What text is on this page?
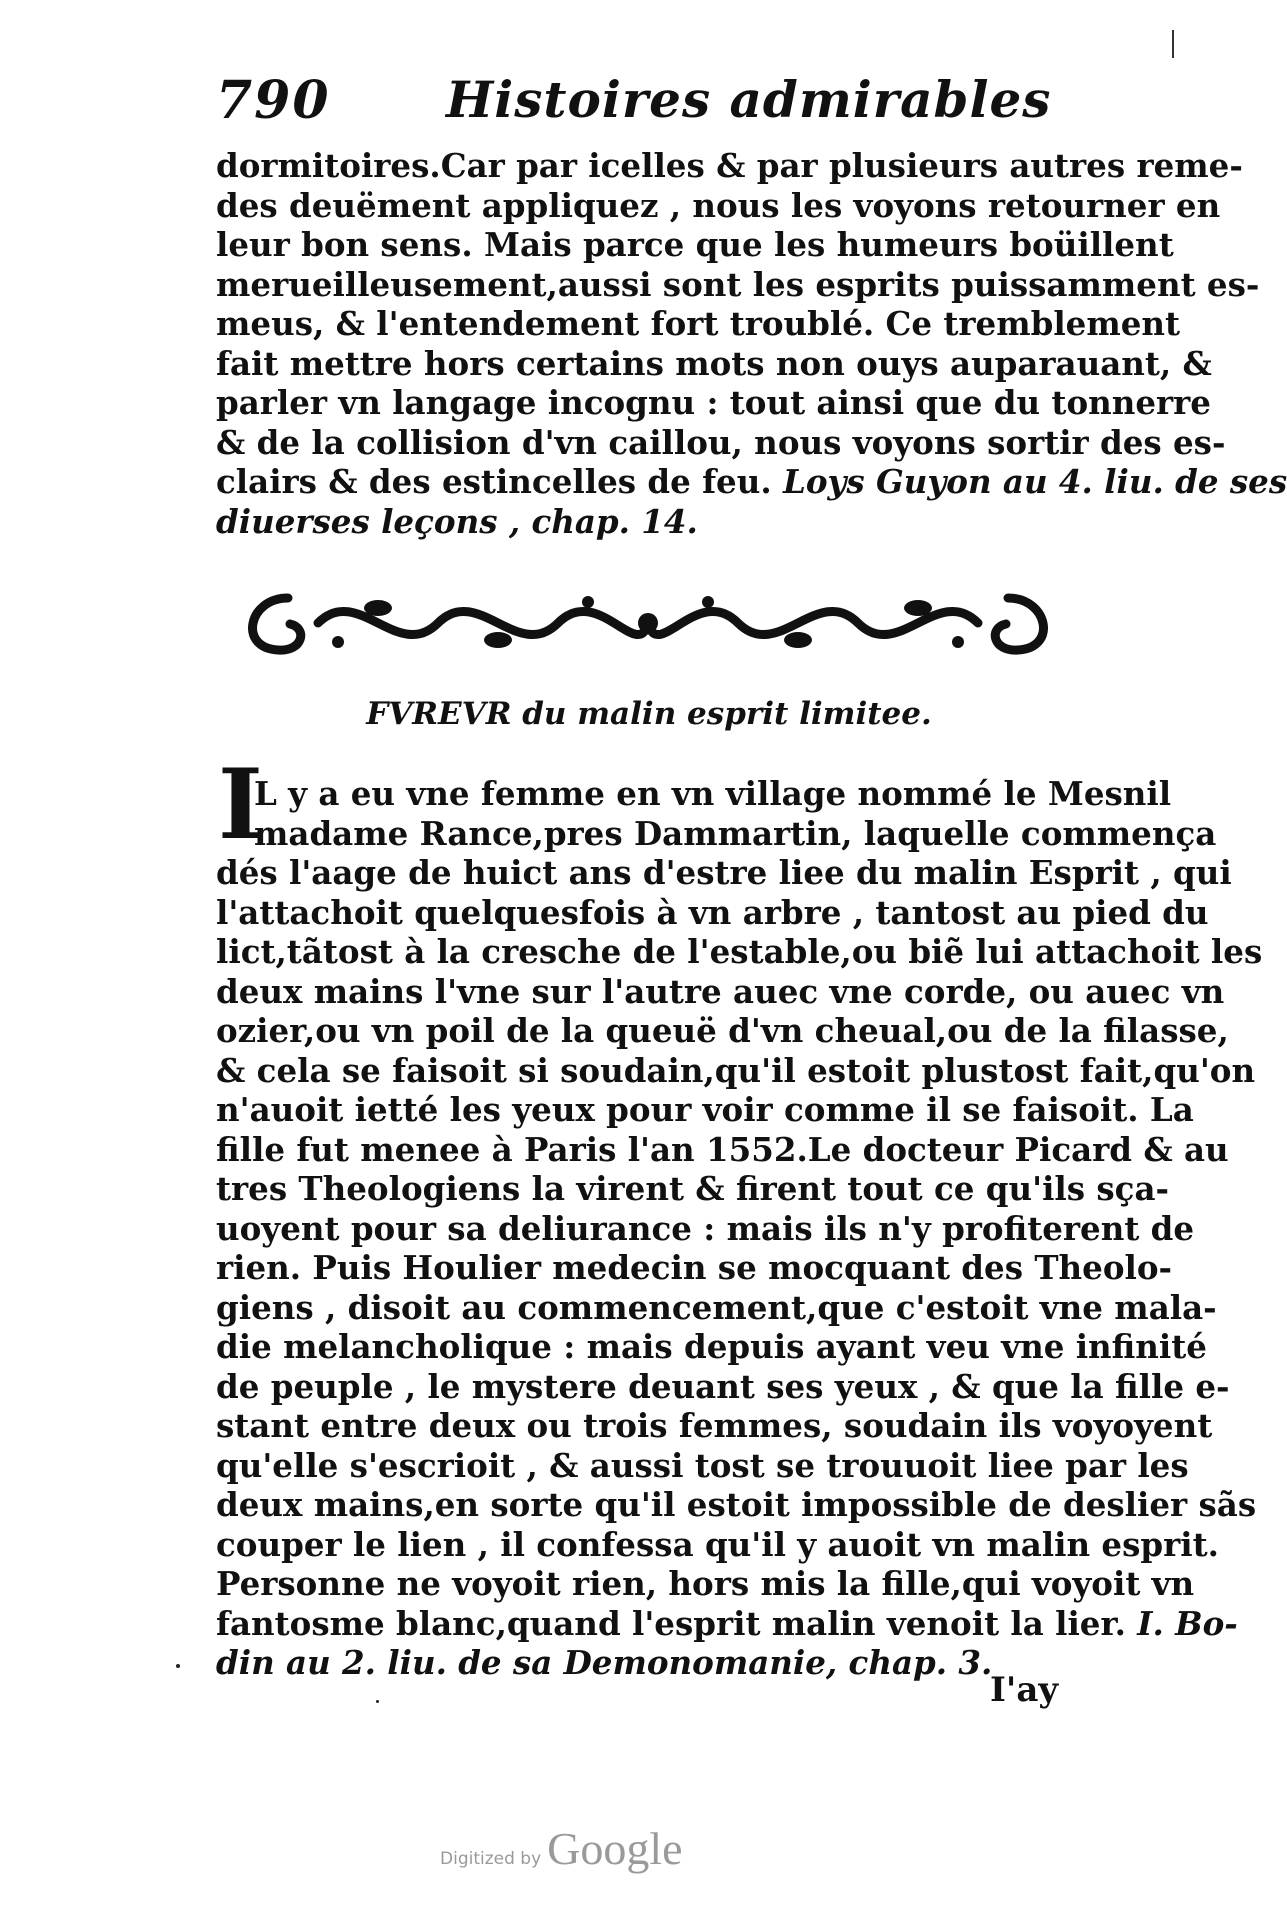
790 Histoires admirables
dormitoires.Car par icelles & par plusieurs autres reme-
des deuëment appliquez , nous les voyons retourner en
leur bon sens. Mais parce que les humeurs boüillent
merueilleusement,aussi sont les esprits puissamment es-
meus, & l'entendement fort troublé. Ce tremblement
fait mettre hors certains mots non ouys auparauant, &
parler vn langage incognu : tout ainsi que du tonnerre
& de la collision d'vn caillou, nous voyons sortir des es-
clairs & des estincelles de feu. Loys Guyon au 4. liu. de ses
diuerses leçons , chap. 14.
FVREVR du malin esprit limitee.
I
L y a eu vne femme en vn village nommé le Mesnil
madame Rance,pres Dammartin, laquelle commença
dés l'aage de huict ans d'estre liee du malin Esprit , qui
l'attachoit quelquesfois à vn arbre , tantost au pied du
lict,tãtost à la cresche de l'estable,ou biẽ lui attachoit les
deux mains l'vne sur l'autre auec vne corde, ou auec vn
ozier,ou vn poil de la queuë d'vn cheual,ou de la filasse,
& cela se faisoit si soudain,qu'il estoit plustost fait,qu'on
n'auoit ietté les yeux pour voir comme il se faisoit. La
fille fut menee à Paris l'an 1552.Le docteur Picard & au
tres Theologiens la virent & firent tout ce qu'ils sça-
uoyent pour sa deliurance : mais ils n'y profiterent de
rien. Puis Houlier medecin se mocquant des Theolo-
giens , disoit au commencement,que c'estoit vne mala-
die melancholique : mais depuis ayant veu vne infinité
de peuple , le mystere deuant ses yeux , & que la fille e-
stant entre deux ou trois femmes, soudain ils voyoyent
qu'elle s'escrioit , & aussi tost se trouuoit liee par les
deux mains,en sorte qu'il estoit impossible de deslier sãs
couper le lien , il confessa qu'il y auoit vn malin esprit.
Personne ne voyoit rien, hors mis la fille,qui voyoit vn
fantosme blanc,quand l'esprit malin venoit la lier. I. Bo-
din au 2. liu. de sa Demonomanie, chap. 3.
I'ay
Digitized by Google
